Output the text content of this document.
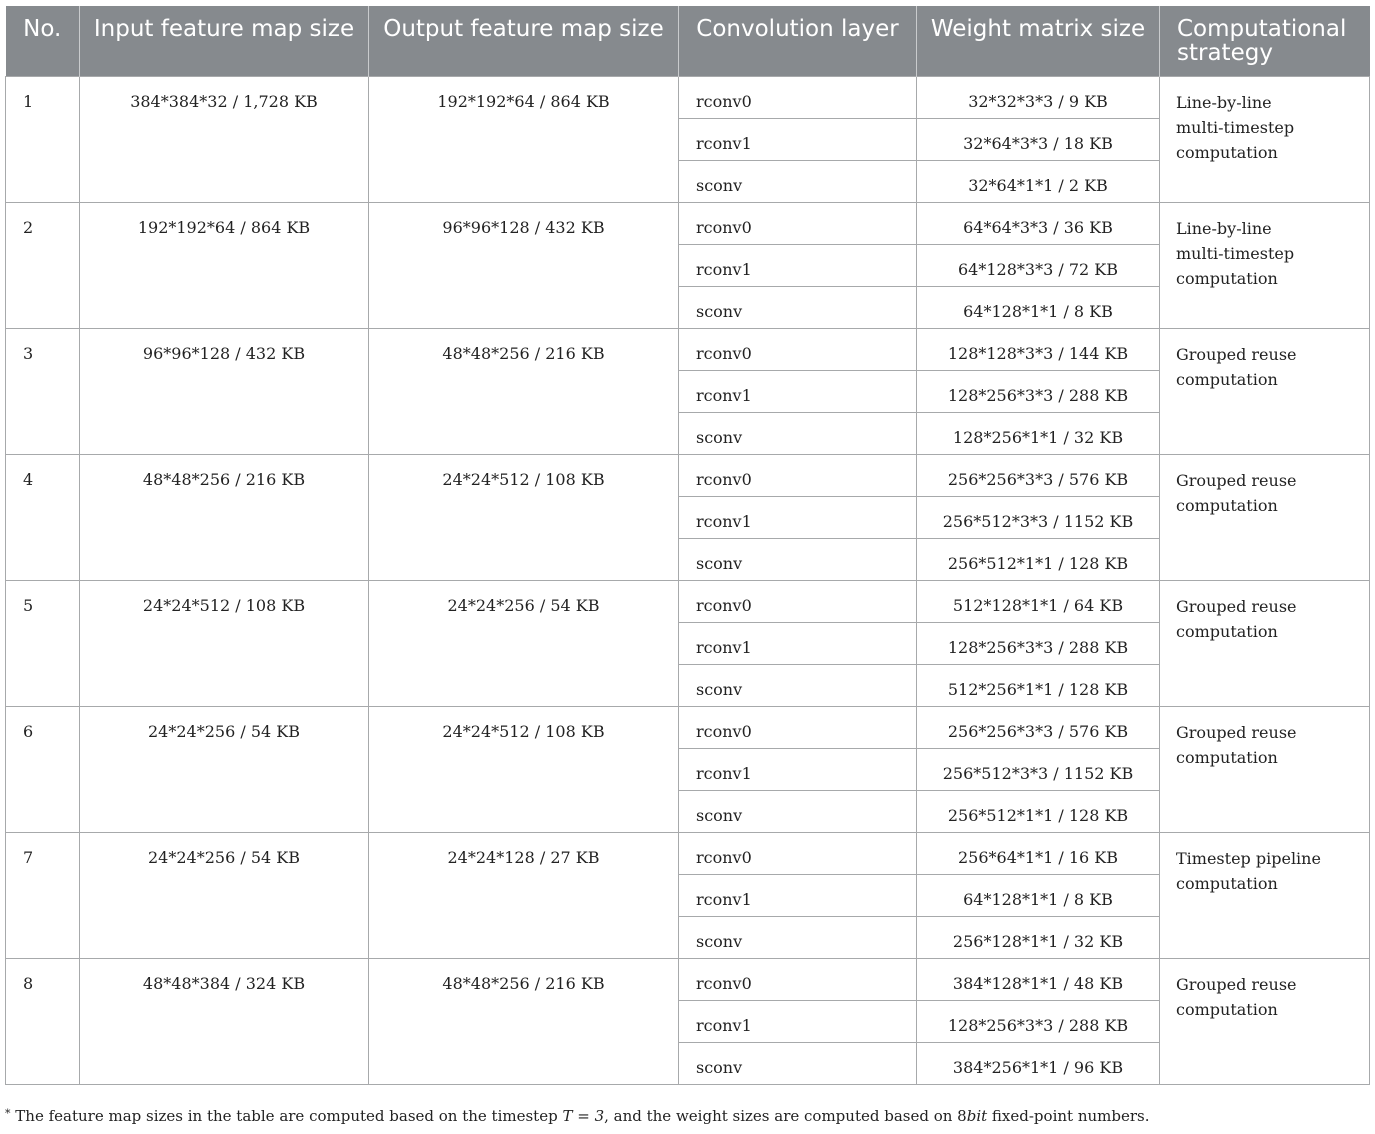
No.	Input feature map size	Output feature map size	Convolution layer	Weight matrix size	Computational strategy

1	384*384*32 / 1,728 KB	192*192*64 / 864 KB	rconv0	32*32*3*3 / 9 KB	Line-by-line
multi-timestep
computation

			rconv1	32*64*3*3 / 18 KB	

			sconv	32*64*1*1 / 2 KB	

2	192*192*64 / 864 KB	96*96*128 / 432 KB	rconv0	64*64*3*3 / 36 KB	Line-by-line
multi-timestep
computation

			rconv1	64*128*3*3 / 72 KB	

			sconv	64*128*1*1 / 8 KB	

3	96*96*128 / 432 KB	48*48*256 / 216 KB	rconv0	128*128*3*3 / 144 KB	Grouped reuse
computation

			rconv1	128*256*3*3 / 288 KB	

			sconv	128*256*1*1 / 32 KB	

4	48*48*256 / 216 KB	24*24*512 / 108 KB	rconv0	256*256*3*3 / 576 KB	Grouped reuse
computation

			rconv1	256*512*3*3 / 1152 KB	

			sconv	256*512*1*1 / 128 KB	

5	24*24*512 / 108 KB	24*24*256 / 54 KB	rconv0	512*128*1*1 / 64 KB	Grouped reuse
computation

			rconv1	128*256*3*3 / 288 KB	

			sconv	512*256*1*1 / 128 KB	

6	24*24*256 / 54 KB	24*24*512 / 108 KB	rconv0	256*256*3*3 / 576 KB	Grouped reuse
computation

			rconv1	256*512*3*3 / 1152 KB	

			sconv	256*512*1*1 / 128 KB	

7	24*24*256 / 54 KB	24*24*128 / 27 KB	rconv0	256*64*1*1 / 16 KB	Timestep pipeline
computation

			rconv1	64*128*1*1 / 8 KB	

			sconv	256*128*1*1 / 32 KB	

8	48*48*384 / 324 KB	48*48*256 / 216 KB	rconv0	384*128*1*1 / 48 KB	Grouped reuse
computation

			rconv1	128*256*3*3 / 288 KB	

			sconv	384*256*1*1 / 96 KB	
* The feature map sizes in the table are computed based on the timestep T = 3, and the weight sizes are computed based on 8bit fixed-point numbers.
